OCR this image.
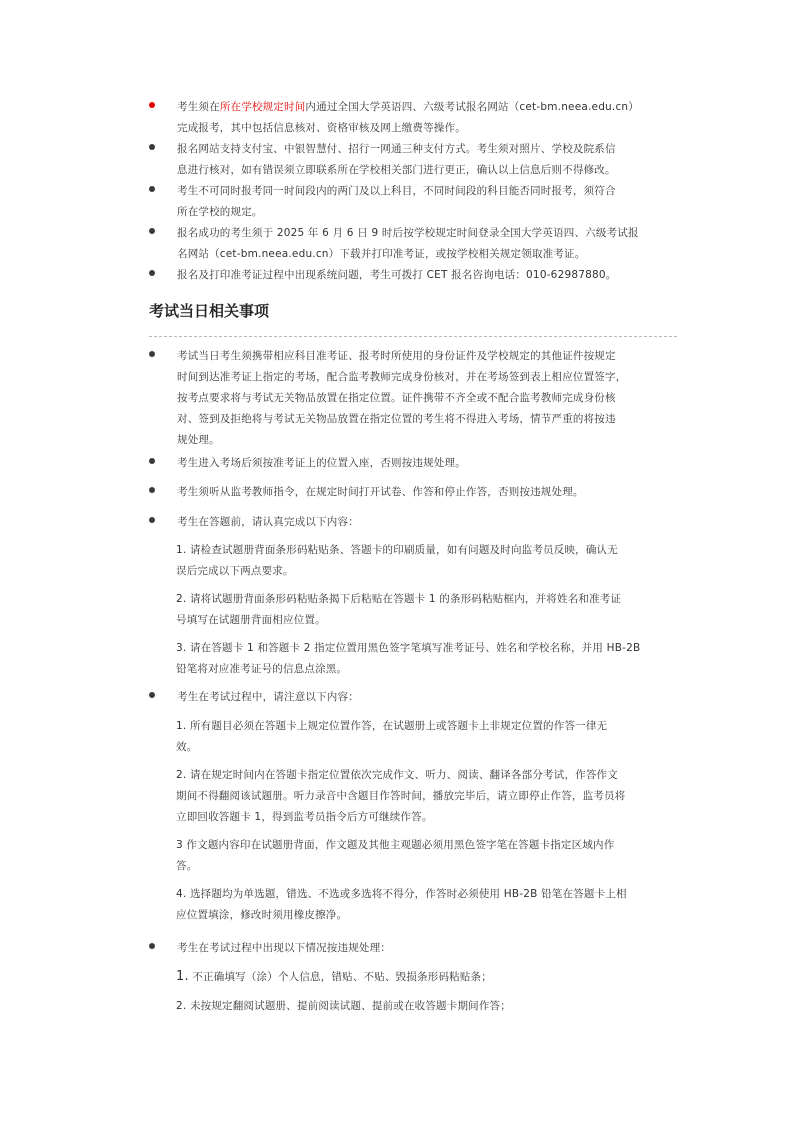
考生须在所在学校规定时间内通过全国大学英语四、六级考试报名网站（cet-bm.neea.edu.cn）
完成报考，其中包括信息核对、资格审核及网上缴费等操作。
报名网站支持支付宝、中银智慧付、招行一网通三种支付方式。考生须对照片、学校及院系信
息进行核对，如有错误须立即联系所在学校相关部门进行更正，确认以上信息后则不得修改。
考生不可同时报考同一时间段内的两门及以上科目，不同时间段的科目能否同时报考，须符合
所在学校的规定。
报名成功的考生须于 2025 年 6 月 6 日 9 时后按学校规定时间登录全国大学英语四、六级考试报
名网站（cet-bm.neea.edu.cn）下载并打印准考证，或按学校相关规定领取准考证。
报名及打印准考证过程中出现系统问题，考生可拨打 CET 报名咨询电话：010-62987880。
考试当日相关事项
考试当日考生须携带相应科目准考证、报考时所使用的身份证件及学校规定的其他证件按规定
时间到达准考证上指定的考场，配合监考教师完成身份核对，并在考场签到表上相应位置签字，
按考点要求将与考试无关物品放置在指定位置。证件携带不齐全或不配合监考教师完成身份核
对、签到及拒绝将与考试无关物品放置在指定位置的考生将不得进入考场，情节严重的将按违
规处理。
考生进入考场后须按准考证上的位置入座，否则按违规处理。
考生须听从监考教师指令，在规定时间打开试卷、作答和停止作答，否则按违规处理。
考生在答题前，请认真完成以下内容：
1. 请检查试题册背面条形码粘贴条、答题卡的印刷质量，如有问题及时向监考员反映，确认无
误后完成以下两点要求。
2. 请将试题册背面条形码粘贴条揭下后粘贴在答题卡 1 的条形码粘贴框内，并将姓名和准考证
号填写在试题册背面相应位置。
3. 请在答题卡 1 和答题卡 2 指定位置用黑色签字笔填写准考证号、姓名和学校名称，并用 HB-2B
铅笔将对应准考证号的信息点涂黑。
考生在考试过程中，请注意以下内容：
1. 所有题目必须在答题卡上规定位置作答，在试题册上或答题卡上非规定位置的作答一律无
效。
2. 请在规定时间内在答题卡指定位置依次完成作文、听力、阅读、翻译各部分考试，作答作文
期间不得翻阅该试题册。听力录音中含题目作答时间，播放完毕后，请立即停止作答，监考员将
立即回收答题卡 1，得到监考员指令后方可继续作答。
3 作文题内容印在试题册背面，作文题及其他主观题必须用黑色签字笔在答题卡指定区域内作
答。
4. 选择题均为单选题，错选、不选或多选将不得分，作答时必须使用 HB-2B 铅笔在答题卡上相
应位置填涂，修改时须用橡皮擦净。
考生在考试过程中出现以下情况按违规处理：
1. 不正确填写（涂）个人信息，错贴、不贴、毁损条形码粘贴条；
2. 未按规定翻阅试题册、提前阅读试题、提前或在收答题卡期间作答；
